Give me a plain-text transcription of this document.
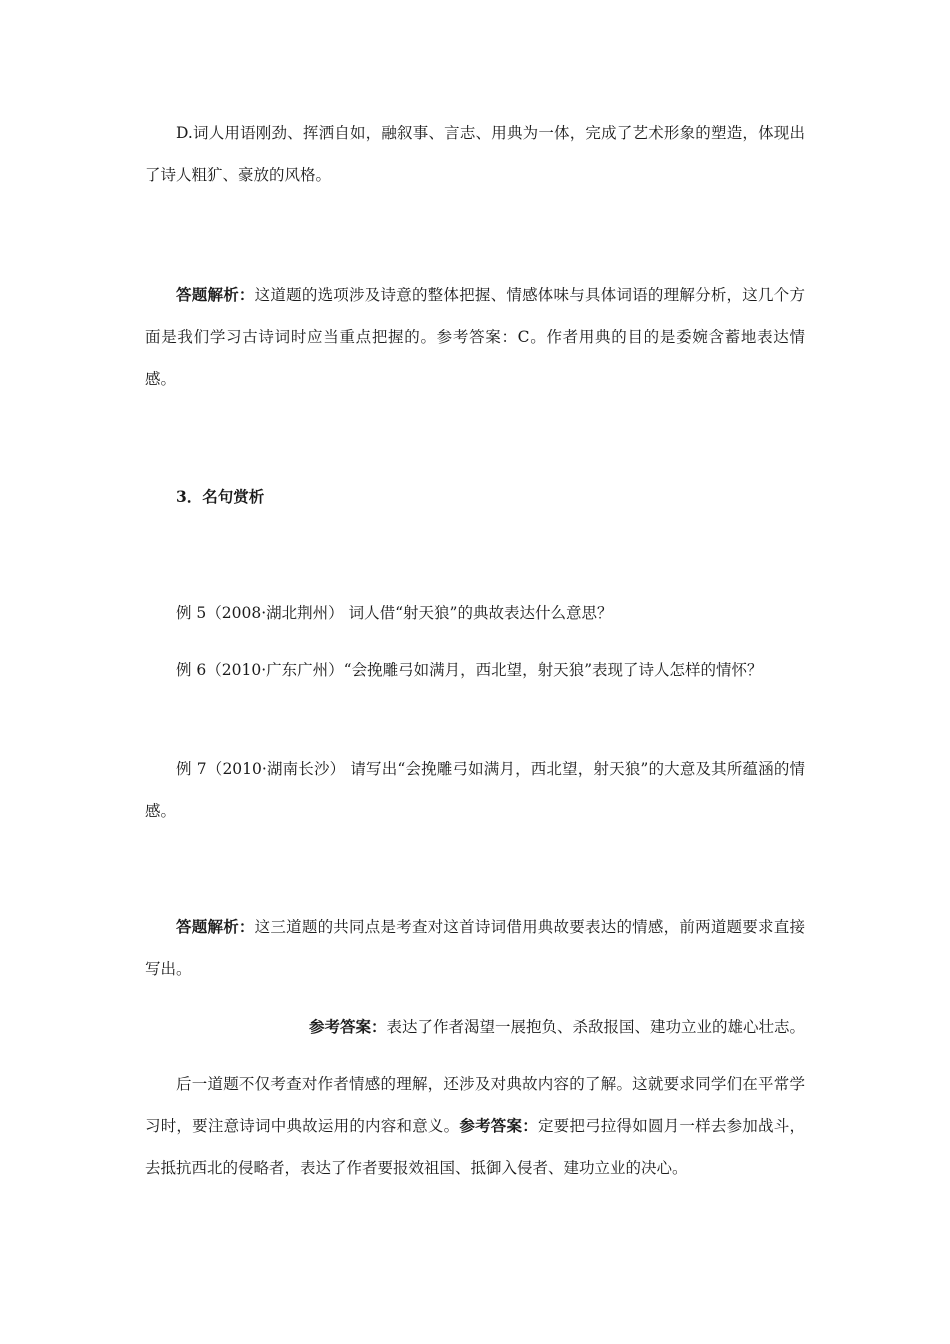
D.词人用语刚劲、挥洒自如，融叙事、言志、用典为一体，完成了艺术形象的塑造，体现出了诗人粗犷、豪放的风格。

答题解析：这道题的选项涉及诗意的整体把握、情感体味与具体词语的理解分析，这几个方面是我们学习古诗词时应当重点把握的。参考答案：C。作者用典的目的是委婉含蓄地表达情感。

3．名句赏析

例 5（2008·湖北荆州） 词人借“射天狼”的典故表达什么意思？

例 6（2010·广东广州）“会挽雕弓如满月，西北望，射天狼”表现了诗人怎样的情怀？

例 7（2010·湖南长沙） 请写出“会挽雕弓如满月，西北望，射天狼”的大意及其所蕴涵的情感。

答题解析：这三道题的共同点是考查对这首诗词借用典故要表达的情感，前两道题要求直接写出。

参考答案：表达了作者渴望一展抱负、杀敌报国、建功立业的雄心壮志。

后一道题不仅考查对作者情感的理解，还涉及对典故内容的了解。这就要求同学们在平常学习时，要注意诗词中典故运用的内容和意义。参考答案：定要把弓拉得如圆月一样去参加战斗，去抵抗西北的侵略者，表达了作者要报效祖国、抵御入侵者、建功立业的决心。
